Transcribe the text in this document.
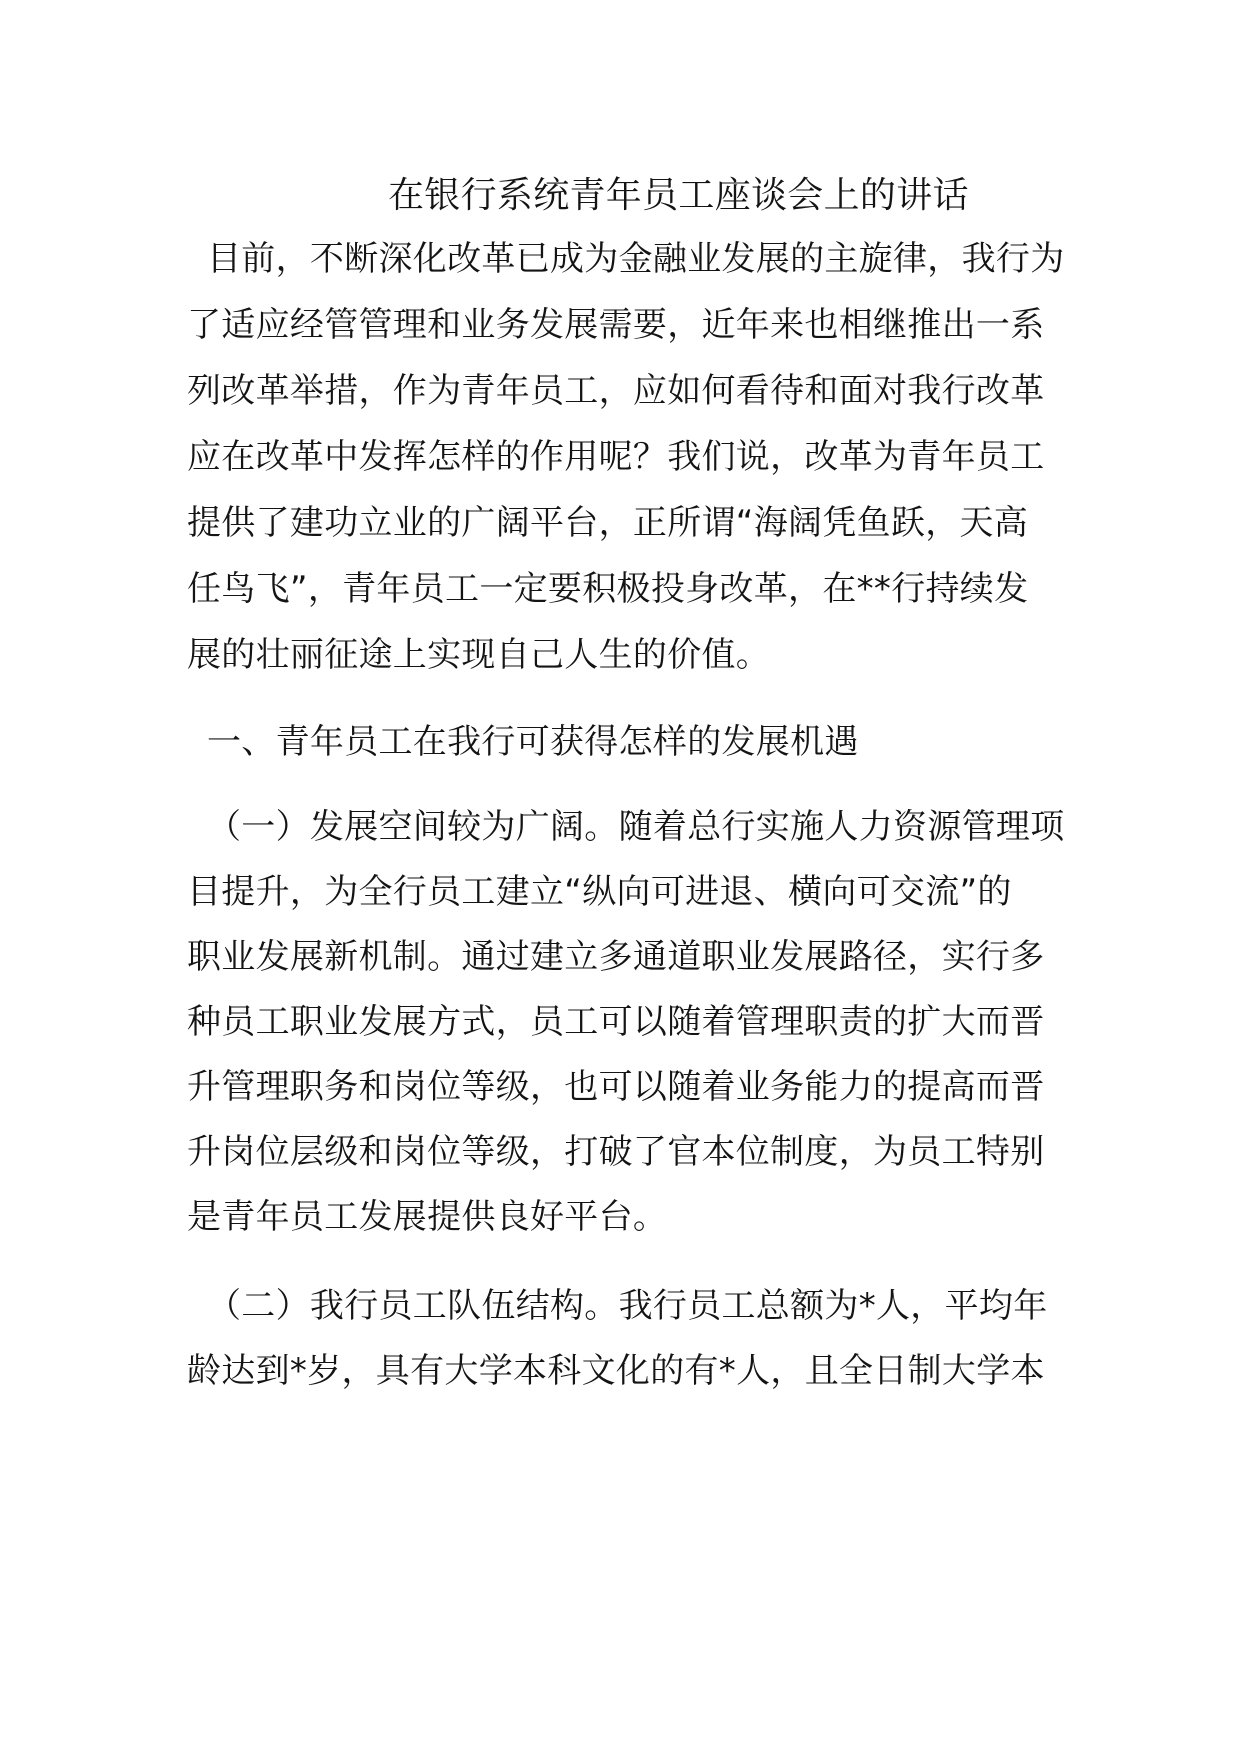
在银行系统青年员工座谈会上的讲话
目前，不断深化改革已成为金融业发展的主旋律，我行为
了适应经管管理和业务发展需要，近年来也相继推出一系
列改革举措，作为青年员工，应如何看待和面对我行改革
应在改革中发挥怎样的作用呢？我们说，改革为青年员工
提供了建功立业的广阔平台，正所谓“海阔凭鱼跃，天高
任鸟飞”，青年员工一定要积极投身改革，在**行持续发
展的壮丽征途上实现自己人生的价值。
一、青年员工在我行可获得怎样的发展机遇
（一）发展空间较为广阔。随着总行实施人力资源管理项
目提升，为全行员工建立“纵向可进退、横向可交流”的
职业发展新机制。通过建立多通道职业发展路径，实行多
种员工职业发展方式，员工可以随着管理职责的扩大而晋
升管理职务和岗位等级，也可以随着业务能力的提高而晋
升岗位层级和岗位等级，打破了官本位制度，为员工特别
是青年员工发展提供良好平台。
（二）我行员工队伍结构。我行员工总额为*人，平均年
龄达到*岁，具有大学本科文化的有*人，且全日制大学本
